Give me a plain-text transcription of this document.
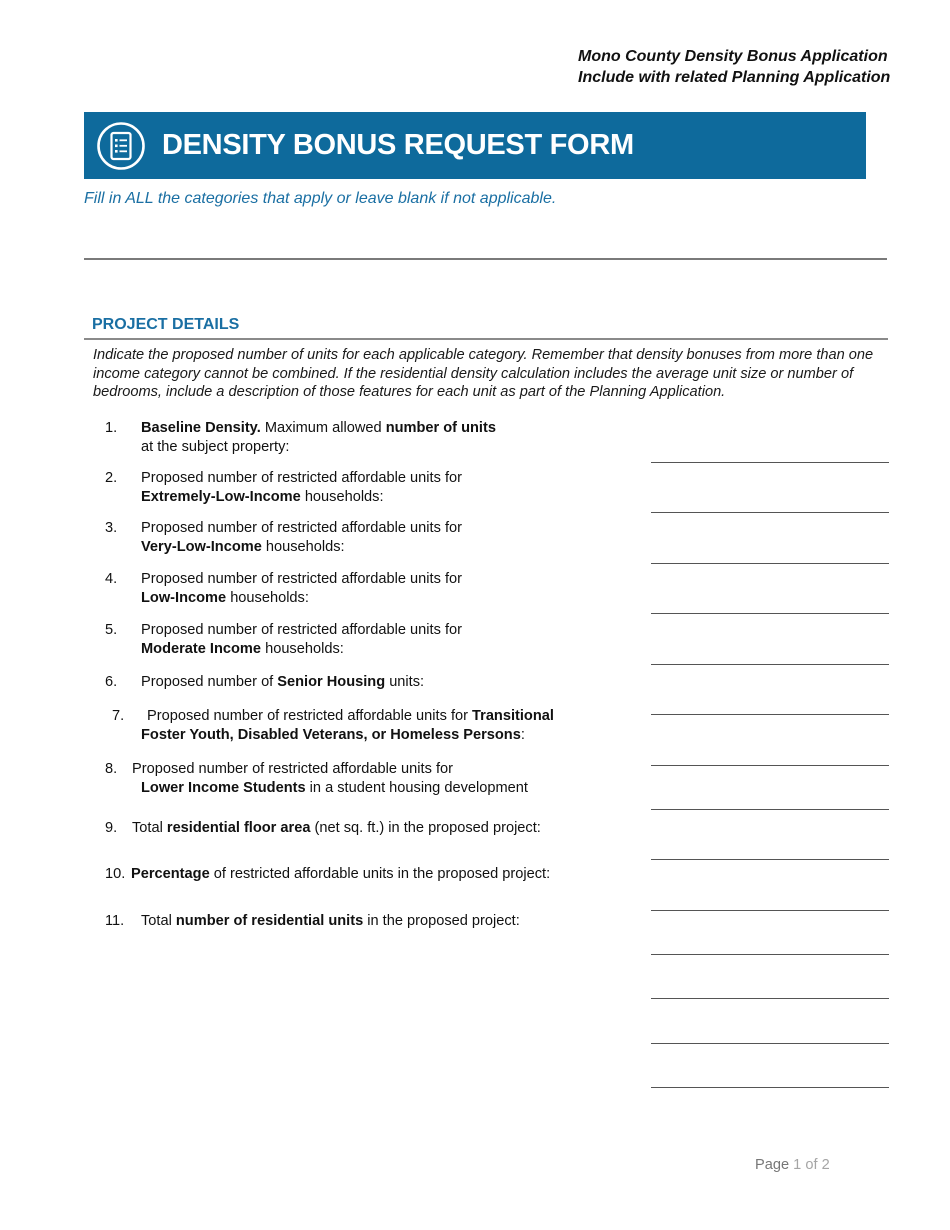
Mono County Density Bonus Application
Include with related Planning Application
DENSITY BONUS REQUEST FORM
Fill in ALL the categories that apply or leave blank if not applicable.
PROJECT DETAILS
Indicate the proposed number of units for each applicable category. Remember that density bonuses from more than one income category cannot be combined. If the residential density calculation includes the average unit size or number of bedrooms, include a description of those features for each unit as part of the Planning Application.
1. Baseline Density. Maximum allowed number of units
at the subject property:
2. Proposed number of restricted affordable units for
Extremely-Low-Income households:
3. Proposed number of restricted affordable units for
Very-Low-Income households:
4. Proposed number of restricted affordable units for
Low-Income households:
5. Proposed number of restricted affordable units for
Moderate Income households:
6. Proposed number of Senior Housing units:
7. Proposed number of restricted affordable units for Transitional
Foster Youth, Disabled Veterans, or Homeless Persons:
8. Proposed number of restricted affordable units for
Lower Income Students in a student housing development
9. Total residential floor area (net sq. ft.) in the proposed project:
10. Percentage of restricted affordable units in the proposed project:
11. Total number of residential units in the proposed project:
Page 1 of 2
